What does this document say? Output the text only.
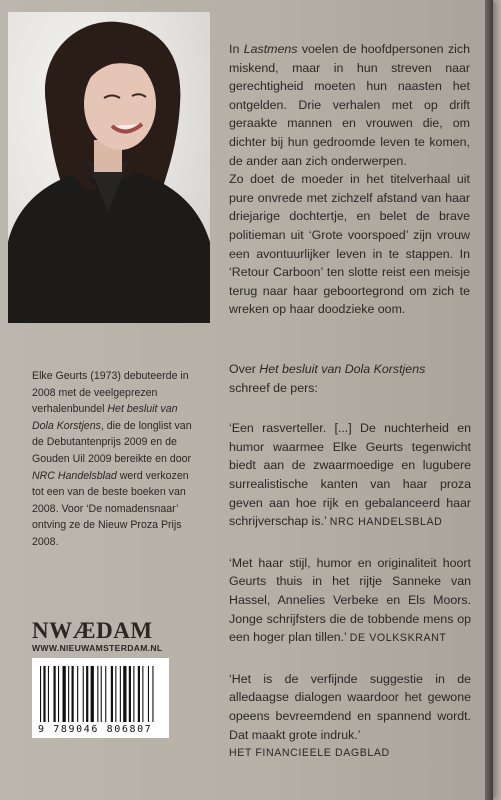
In Lastmens voelen de hoofdpersonen zich miskend, maar in hun streven naar gerechtigheid moeten hun naasten het ontgelden. Drie verhalen met op drift geraakte mannen en vrouwen die, om dichter bij hun gedroomde leven te komen, de ander aan zich onderwerpen.

Zo doet de moeder in het titelverhaal uit pure onvrede met zichzelf afstand van haar driejarige dochtertje, en belet de brave politieman uit ‘Grote voorspoed’ zijn vrouw een avontuurlijker leven in te stappen. In ‘Retour Carboon’ ten slotte reist een meisje terug naar haar geboortegrond om zich te wreken op haar doodzieke oom.

Elke Geurts (1973) debuteerde in 2008 met de veelgeprezen verhalenbundel Het besluit van Dola Korstjens, die de longlist van de Debutantenprijs 2009 en de Gouden Uil 2009 bereikte en door NRC Handelsblad werd verkozen tot een van de beste boeken van 2008. Voor ‘De nomadensnaar’ ontving ze de Nieuw Proza Prijs 2008.

Over Het besluit van Dola Korstjens schreef de pers:

‘Een rasverteller. [...] De nuchterheid en humor waarmee Elke Geurts tegenwicht biedt aan de zwaarmoedige en lugubere surrealistische kanten van haar proza geven aan hoe rijk en gebalanceerd haar schrijverschap is.’ NRC HANDELSBLAD

‘Met haar stijl, humor en originaliteit hoort Geurts thuis in het rijtje Sanneke van Hassel, Annelies Verbeke en Els Moors. Jonge schrijfsters die de tobbende mens op een hoger plan tillen.’ DE VOLKSKRANT

‘Het is de verfijnde suggestie in de alledaagse dialogen waardoor het gewone opeens bevreemdend en spannend wordt. Dat maakt grote indruk.’

HET FINANCIEELE DAGBLAD

NWÆDAM
WWW.NIEUWAMSTERDAM.NL
9 789046 806807
